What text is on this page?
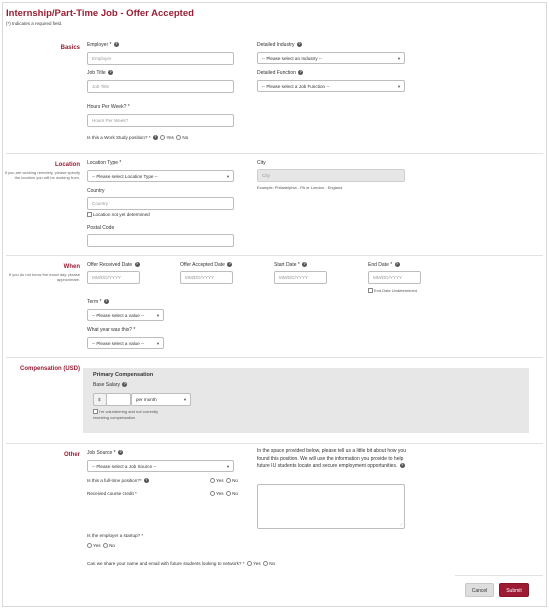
Internship/Part-Time Job - Offer Accepted
(*) Indicates a required field.
Basics Employer * ?
Employer
Detailed Industry ?
-- Please select an Industry --	▼
Job Title ?
Job Title
Detailed Function ?
-- Please select a Job Function --	▼
Hours Per Week? *
Hours Per Week?
Is this a Work Study position? * ? Yes No
Location
If you are working remotely, please specify the location you will be working from.
Location Type *
-- Please select Location Type --	▼
City
City
Example: Philadelphia - PA or London - England
Country
Country
Location not yet determined
Postal Code
When
If you do not know the exact day, please approximate.
Offer Received Date ?
MM/DD/YYYY
Offer Accepted Date ?
MM/DD/YYYY
Start Date * ?
MM/DD/YYYY
End Date * ?
MM/DD/YYYY
End Date Undetermined
Term * ?
-- Please select a value --	▼
What year was this? *
-- Please select a value --	▼
Compensation (USD)
Primary Compensation
Base Salary ?
$	per month	▼
I'm volunteering and not currently receiving compensation
Other Job Source * ?
-- Please select a Job Source --	▼
Is this a full-time position?* ?	Yes No
Received course credit *	Yes No
In the space provided below, please tell us a little bit about how you found this position. We will use the information you provide to help future IU students locate and secure employment opportunities. ?
⟋
Is the employer a startup? *
Yes No
Can we share your name and email with future students looking to network? * Yes No
Cancel	Submit
